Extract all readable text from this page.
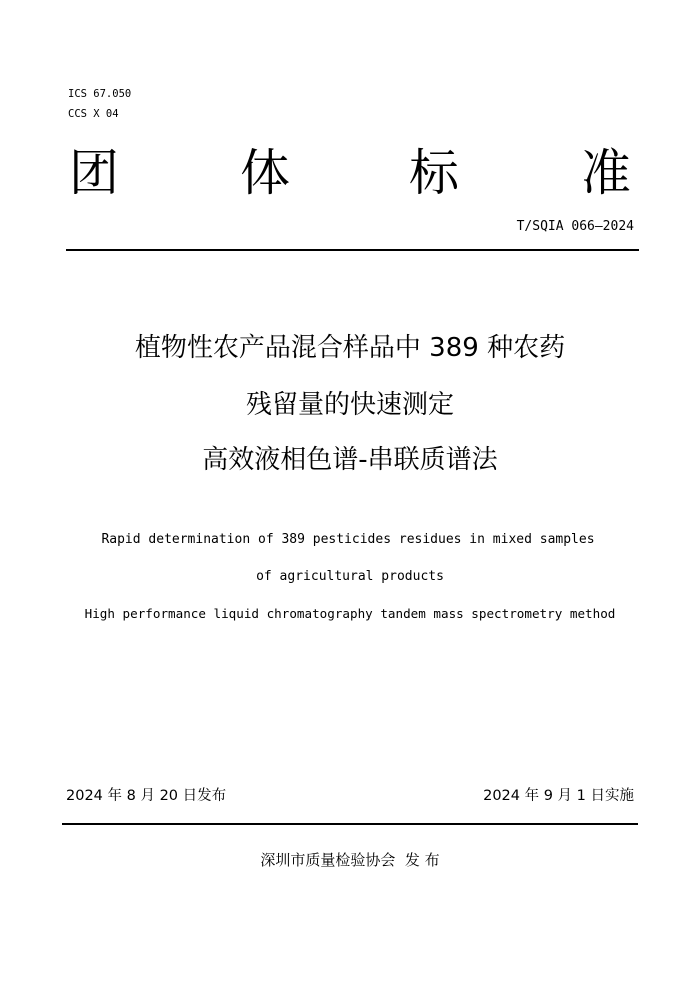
ICS 67.050
CCS X 04
团 体 标 准
T/SQIA 066—2024
植物性农产品混合样品中 389 种农药
残留量的快速测定
高效液相色谱-串联质谱法
Rapid determination of 389 pesticides residues in mixed samples
of agricultural products
High performance liquid chromatography tandem mass spectrometry method
2024 年 8 月 20 日发布	2024 年 9 月 1 日实施
深圳市质量检验协会  发 布
